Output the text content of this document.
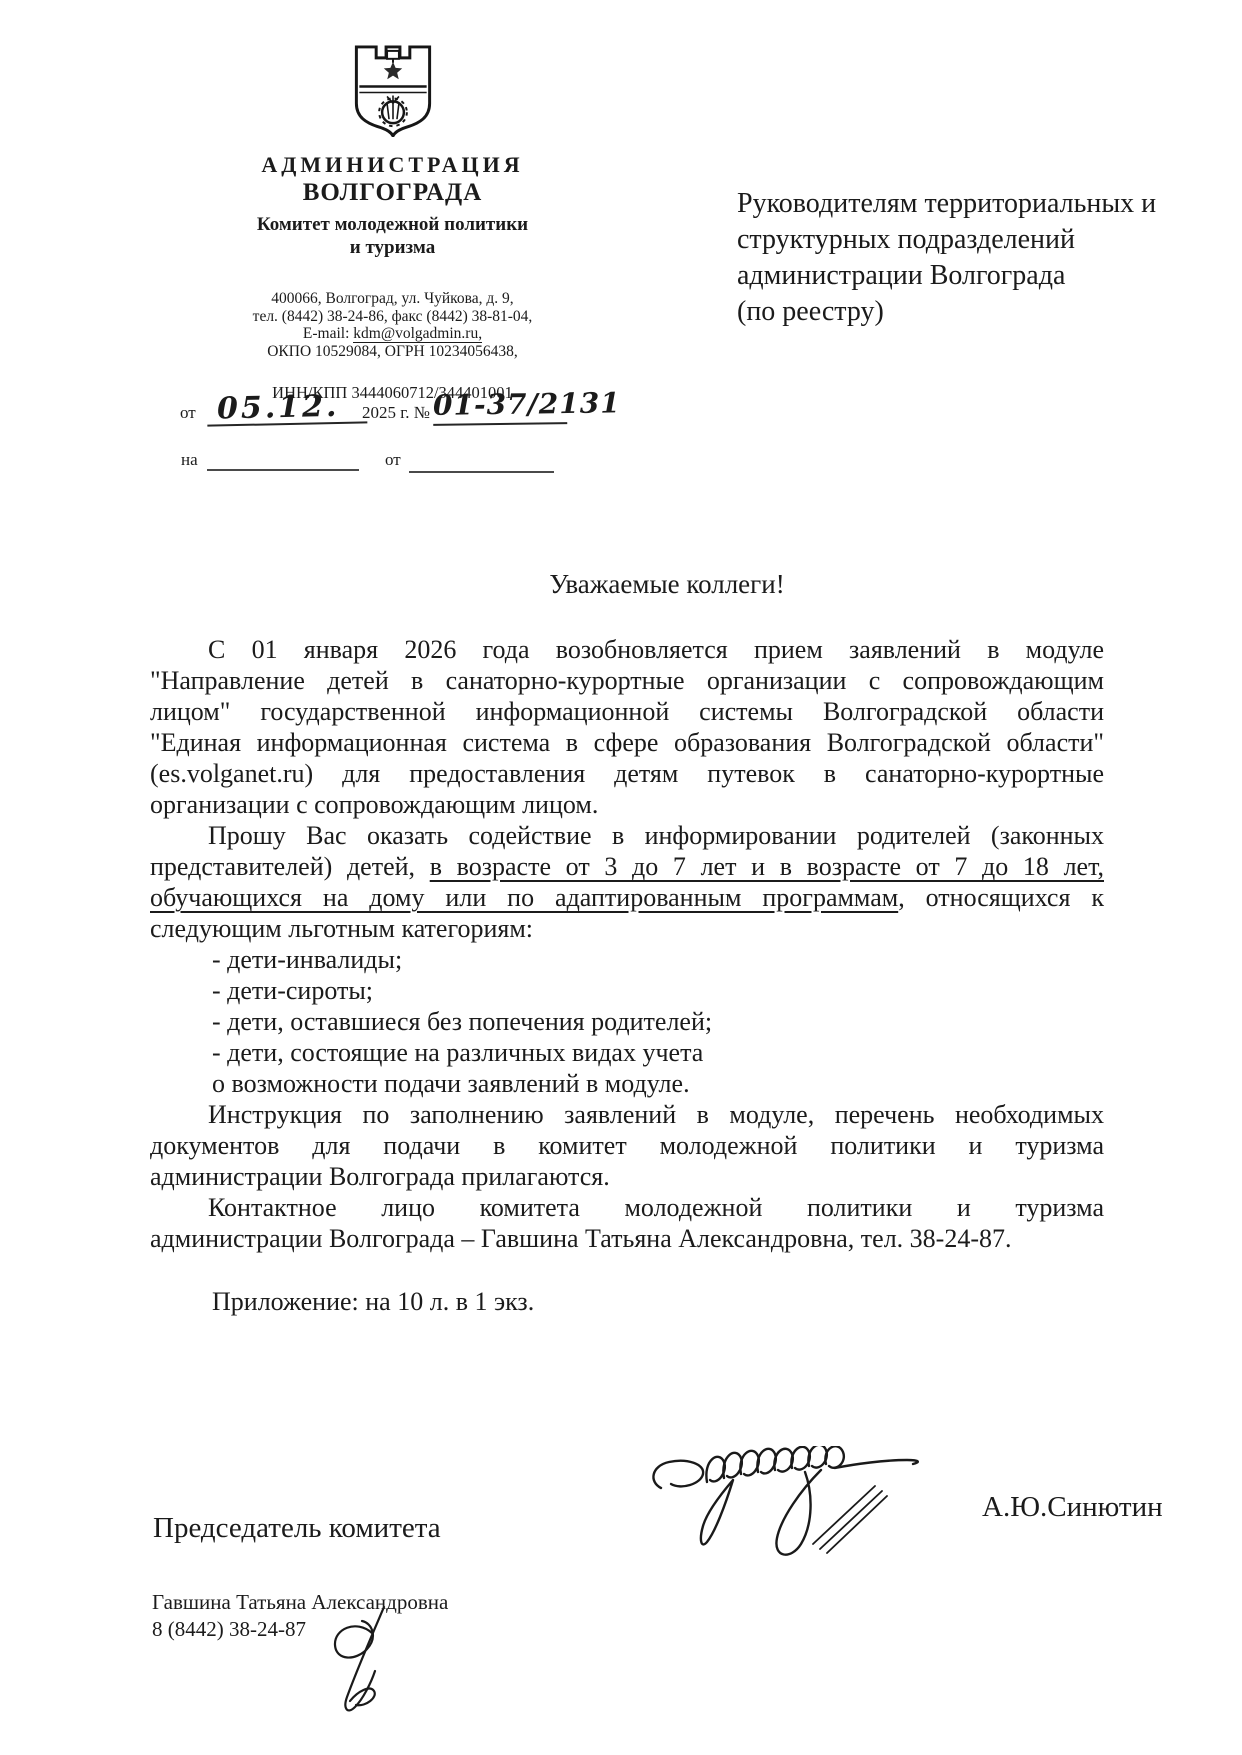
АДМИНИСТРАЦИЯ
ВОЛГОГРАДА
Комитет молодежной политики
и туризма
400066, Волгоград, ул. Чуйкова, д. 9,
тел. (8442) 38-24-86, факс (8442) 38-81-04,
E-mail: kdm@volgadmin.ru,
ОКПО 10529084, ОГРН 10234056438,
ИНН/КПП 3444060712/344401001
от 05.12.	2025 г. № 01-37/2131
на	от
Руководителям территориальных и
структурных подразделений
администрации Волгограда
(по реестру)
Уважаемые коллеги!
С 01 января 2026 года возобновляется прием заявлений в модуле
"Направление детей в санаторно-курортные организации с сопровождающим
лицом" государственной информационной системы Волгоградской области
"Единая информационная система в сфере образования Волгоградской области"
(es.volganet.ru) для предоставления детям путевок в санаторно-курортные
организации с сопровождающим лицом.
Прошу Вас оказать содействие в информировании родителей (законных
представителей) детей, в возрасте от 3 до 7 лет и в возрасте от 7 до 18 лет,
обучающихся на дому или по адаптированным программам, относящихся к
следующим льготным категориям:
- дети-инвалиды;
- дети-сироты;
- дети, оставшиеся без попечения родителей;
- дети, состоящие на различных видах учета
о возможности подачи заявлений в модуле.
Инструкция по заполнению заявлений в модуле, перечень необходимых
документов для подачи в комитет молодежной политики и туризма
администрации Волгограда прилагаются.
Контактное лицо комитета молодежной политики и туризма
администрации Волгограда – Гавшина Татьяна Александровна, тел. 38-24-87.
Приложение: на 10 л. в 1 экз.
Председатель комитета
А.Ю.Синютин
Гавшина Татьяна Александровна
8 (8442) 38-24-87
